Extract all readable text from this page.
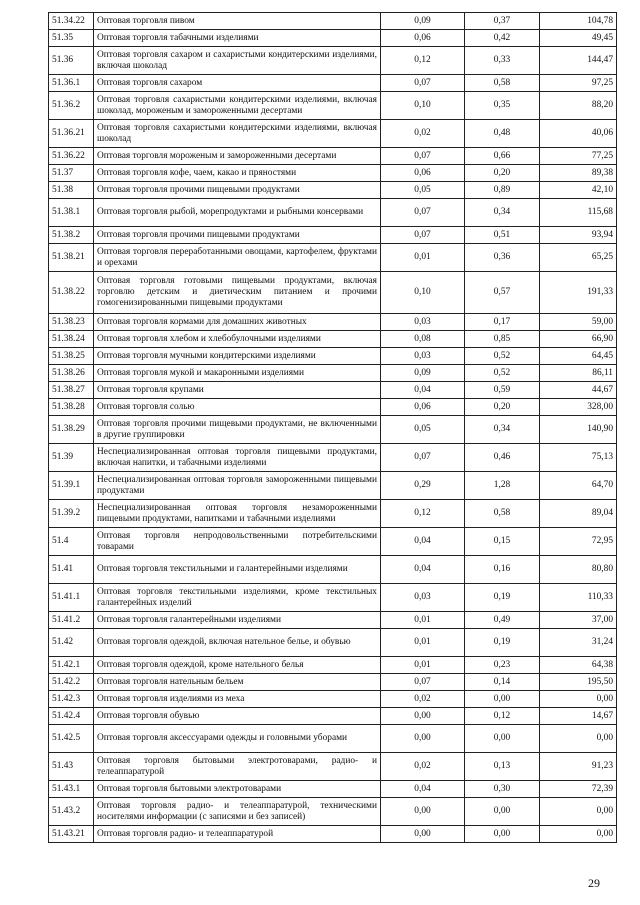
51.34.22	Оптовая торговля пивом	0,09	0,37	104,78
51.35	Оптовая торговля табачными изделиями	0,06	0,42	49,45
51.36	Оптовая торговля сахаром и сахаристыми кондитерскими изделиями, включая шоколад	0,12	0,33	144,47
51.36.1	Оптовая торговля сахаром	0,07	0,58	97,25
51.36.2	Оптовая торговля сахаристыми кондитерскими изделиями, включая шоколад, мороженым и замороженными десертами	0,10	0,35	88,20
51.36.21	Оптовая торговля сахаристыми кондитерскими изделиями, включая шоколад	0,02	0,48	40,06
51.36.22	Оптовая торговля мороженым и замороженными десертами	0,07	0,66	77,25
51.37	Оптовая торговля кофе, чаем, какао и пряностями	0,06	0,20	89,38
51.38	Оптовая торговля прочими пищевыми продуктами	0,05	0,89	42,10
51.38.1	Оптовая торговля рыбой, морепродуктами и рыбными консервами	0,07	0,34	115,68
51.38.2	Оптовая торговля прочими пищевыми продуктами	0,07	0,51	93,94
51.38.21	Оптовая торговля переработанными овощами, картофелем, фруктами и орехами	0,01	0,36	65,25
51.38.22	Оптовая торговля готовыми пищевыми продуктами, включая торговлю детским и диетическим питанием и прочими гомогенизированными пищевыми продуктами	0,10	0,57	191,33
51.38.23	Оптовая торговля кормами для домашних животных	0,03	0,17	59,00
51.38.24	Оптовая торговля хлебом и хлебобулочными изделиями	0,08	0,85	66,90
51.38.25	Оптовая торговля мучными кондитерскими изделиями	0,03	0,52	64,45
51.38.26	Оптовая торговля мукой и макаронными изделиями	0,09	0,52	86,11
51.38.27	Оптовая торговля крупами	0,04	0,59	44,67
51.38.28	Оптовая торговля солью	0,06	0,20	328,00
51.38.29	Оптовая торговля прочими пищевыми продуктами, не включенными в другие группировки	0,05	0,34	140,90
51.39	Неспециализированная оптовая торговля пищевыми продуктами, включая напитки, и табачными изделиями	0,07	0,46	75,13
51.39.1	Неспециализированная оптовая торговля замороженными пищевыми продуктами	0,29	1,28	64,70
51.39.2	Неспециализированная оптовая торговля незамороженными пищевыми продуктами, напитками и табачными изделиями	0,12	0,58	89,04
51.4	Оптовая торговля непродовольственными потребительскими товарами	0,04	0,15	72,95
51.41	Оптовая торговля текстильными и галантерейными изделиями	0,04	0,16	80,80
51.41.1	Оптовая торговля текстильными изделиями, кроме текстильных галантерейных изделий	0,03	0,19	110,33
51.41.2	Оптовая торговля галантерейными изделиями	0,01	0,49	37,00
51.42	Оптовая торговля одеждой, включая нательное белье, и обувью	0,01	0,19	31,24
51.42.1	Оптовая торговля одеждой, кроме нательного белья	0,01	0,23	64,38
51.42.2	Оптовая торговля нательным бельем	0,07	0,14	195,50
51.42.3	Оптовая торговля изделиями из меха	0,02	0,00	0,00
51.42.4	Оптовая торговля обувью	0,00	0,12	14,67
51.42.5	Оптовая торговля аксессуарами одежды и головными уборами	0,00	0,00	0,00
51.43	Оптовая торговля бытовыми электротоварами, радио- и телеаппаратурой	0,02	0,13	91,23
51.43.1	Оптовая торговля бытовыми электротоварами	0,04	0,30	72,39
51.43.2	Оптовая торговля радио- и телеаппаратурой, техническими носителями информации (с записями и без записей)	0,00	0,00	0,00
51.43.21	Оптовая торговля радио- и телеаппаратурой	0,00	0,00	0,00
29
